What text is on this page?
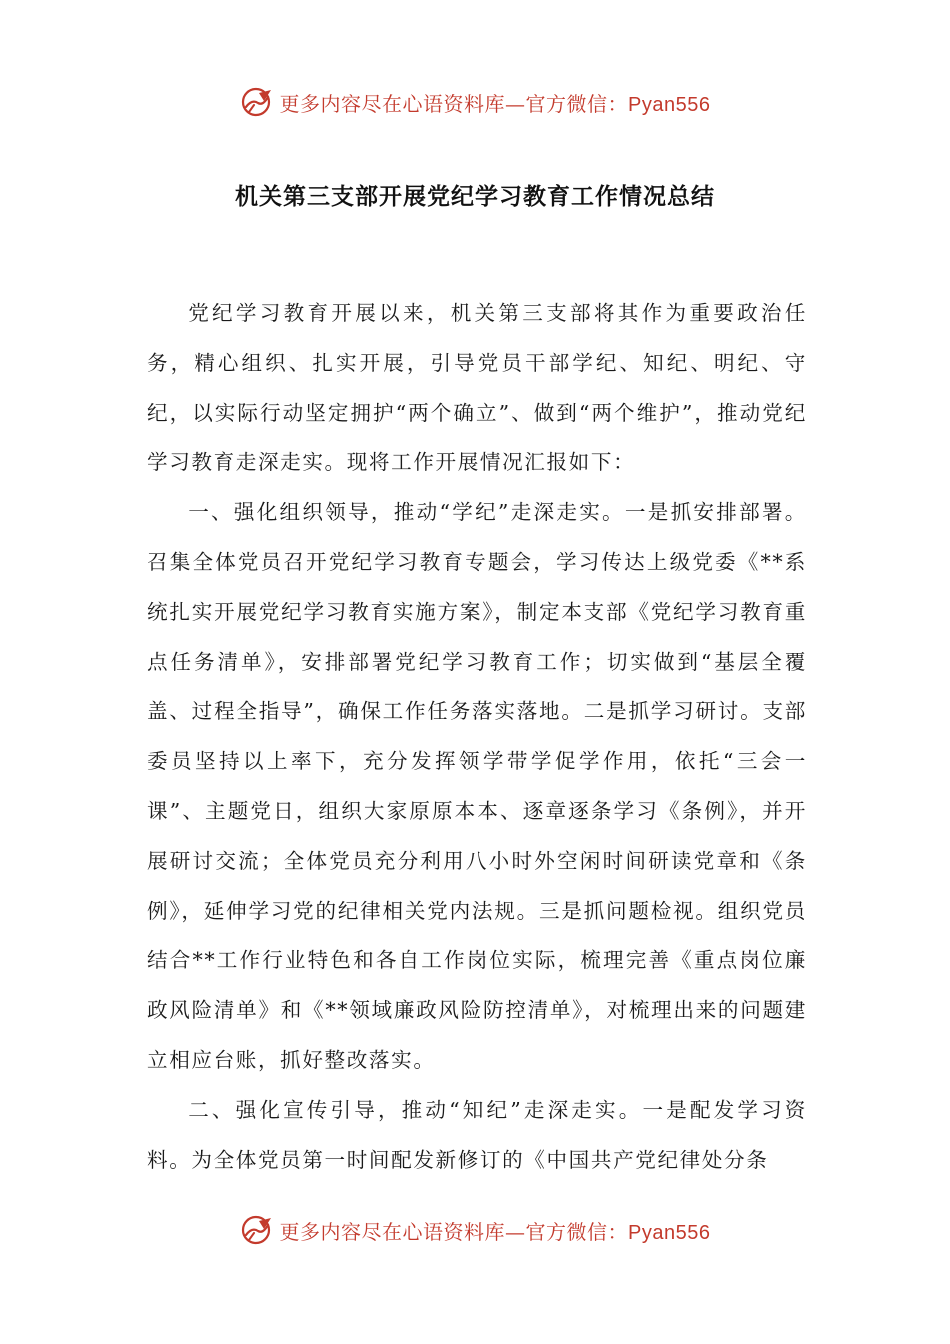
更多内容尽在心语资料库—官方微信：Pyan556
机关第三支部开展党纪学习教育工作情况总结

党纪学习教育开展以来，机关第三支部将其作为重要政治任务，精心组织、扎实开展，引导党员干部学纪、知纪、明纪、守纪，以实际行动坚定拥护“两个确立”、做到“两个维护”，推动党纪学习教育走深走实。现将工作开展情况汇报如下：

一、强化组织领导，推动“学纪”走深走实。一是抓安排部署。召集全体党员召开党纪学习教育专题会，学习传达上级党委《**系统扎实开展党纪学习教育实施方案》，制定本支部《党纪学习教育重点任务清单》，安排部署党纪学习教育工作；切实做到“基层全覆盖、过程全指导”，确保工作任务落实落地。二是抓学习研讨。支部委员坚持以上率下，充分发挥领学带学促学作用，依托“三会一课”、主题党日，组织大家原原本本、逐章逐条学习《条例》，并开展研讨交流；全体党员充分利用八小时外空闲时间研读党章和《条例》，延伸学习党的纪律相关党内法规。三是抓问题检视。组织党员结合**工作行业特色和各自工作岗位实际，梳理完善《重点岗位廉政风险清单》和《**领域廉政风险防控清单》，对梳理出来的问题建立相应台账，抓好整改落实。

二、强化宣传引导，推动“知纪”走深走实。一是配发学习资料。为全体党员第一时间配发新修订的《中国共产党纪律处分条

更多内容尽在心语资料库—官方微信：Pyan556
